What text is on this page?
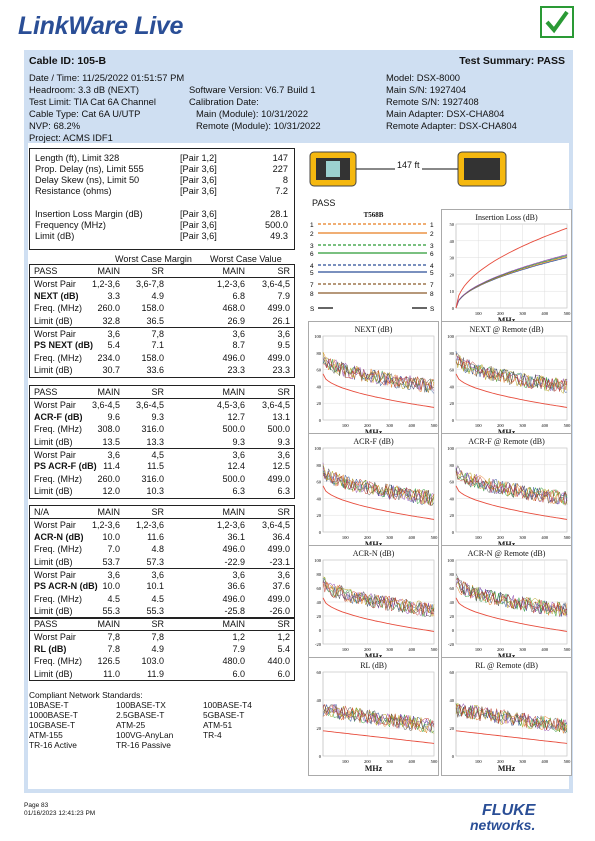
LinkWare Live
Cable ID: 105-B	Test Summary: PASS
Date / Time: 11/25/2022 01:51:57 PM
Headroom: 3.3 dB (NEXT)
Test Limit: TIA Cat 6A Channel
Cable Type: Cat 6A U/UTP
NVP: 68.2%
Project: ACMS IDF1
Software Version: V6.7 Build 1
Calibration Date:
Main (Module): 10/31/2022
Remote (Module): 10/31/2022
Model: DSX-8000
Main S/N: 1927404
Remote S/N: 1927408
Main Adapter: DSX-CHA804
Remote Adapter: DSX-CHA804
Length (ft), Limit 328	[Pair 1,2]	147
Prop. Delay (ns), Limit 555	[Pair 3,6]	227
Delay Skew (ns), Limit 50	[Pair 3,6]	8
Resistance (ohms)	[Pair 3,6]	7.2
Insertion Loss Margin (dB)	[Pair 3,6]	28.1
Frequency (MHz)	[Pair 3,6]	500.0
Limit (dB)	[Pair 3,6]	49.3
Worst Case Margin Worst Case Value
PASS	MAIN	SR	MAIN	SR
Worst Pair 1,2-3,6 3,6-7,8	1,2-3,6 3,6-4,5
NEXT (dB)	3.3	4.9	6.8	7.9
Freq. (MHz) 260.0 158.0	468.0 499.0
Limit (dB)	32.8	36.5	26.9	26.1
Worst Pair	3,6	7,8	3,6	3,6
PS NEXT (dB) 5.4	7.1	8.7	9.5
Freq. (MHz) 234.0 158.0	496.0 499.0
Limit (dB)	30.7	33.6	23.3	23.3
PASS	MAIN	SR	MAIN	SR
Worst Pair 3,6-4,5 3,6-4,5	4,5-3,6 3,6-4,5
ACR-F (dB)	9.6	9.3	12.7	13.1
Freq. (MHz) 308.0 316.0	500.0 500.0
Limit (dB)	13.5	13.3	9.3	9.3
Worst Pair	3,6	4,5	3,6	3,6
PS ACR-F (dB) 11.4	11.5	12.4	12.5
Freq. (MHz) 260.0 316.0	500.0 499.0
Limit (dB)	12.0	10.3	6.3	6.3
N/A	MAIN	SR	MAIN	SR
Worst Pair 1,2-3,6 1,2-3,6	1,2-3,6 3,6-4,5
ACR-N (dB) 10.0	11.6	36.1	36.4
Freq. (MHz)	7.0	4.8	496.0 499.0
Limit (dB)	53.7	57.3	-22.9	-23.1
Worst Pair	3,6	3,6	3,6	3,6
PS ACR-N (dB) 10.0	10.1	36.6	37.6
Freq. (MHz)	4.5	4.5	496.0 499.0
Limit (dB)	55.3	55.3	-25.8	-26.0
PASS	MAIN	SR	MAIN	SR
Worst Pair	7,8	7,8	1,2	1,2
RL (dB)	7.8	4.9	7.9	5.4
Freq. (MHz) 126.5 103.0	480.0 440.0
Limit (dB)	11.0	11.9	6.0	6.0
Compliant Network Standards:
10BASE-T	100BASE-TX	100BASE-T4
1000BASE-T	2.5GBASE-T	5GBASE-T
10GBASE-T	ATM-25	ATM-51
ATM-155	100VG-AnyLan	TR-4
TR-16 Active	TR-16 Passive
147 ft
PASS
T568B
1	1
2	2
3	3
6	6
4	4
5	5
7	7
8	8
S	S
Insertion Loss (dB)
0
10
20
30
40
50
100	200	300	400	500
NEXT (dB)
0
20
40
60
80
100
100	200	300	400	500
NEXT @ Remote (dB)
0
20
40
60
80
100
100	200	300	400	500
ACR-F (dB)
0
20
40
60
80
100
100	200	300	400	500
ACR-F @ Remote (dB)
0
20
40
60
80
100
100	200	300	400	500
ACR-N (dB)
-20
0
20
40
60
80
100
100	200	300	400	500
ACR-N @ Remote (dB)
-20
0
20
40
60
80
100
100	200	300	400	500
RL (dB)
MHz
0
20
40
60
100	200	300	400	500
RL @ Remote (dB)
MHz
0
20
40
60
100	200	300	400	500
Page 83
01/16/2023 12:41:23 PM	FLUKE
networks.
